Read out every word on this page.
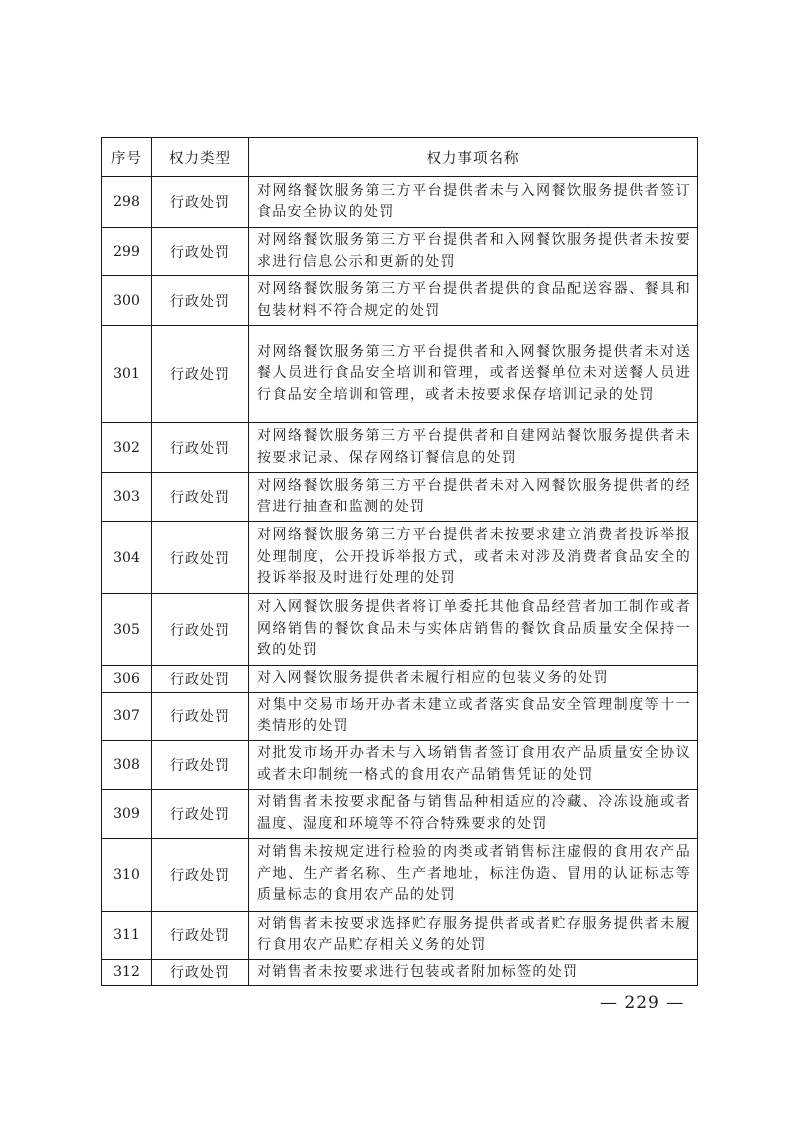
序号	权力类型	权力事项名称
298	行政处罚	对网络餐饮服务第三方平台提供者未与入网餐饮服务提供者签订食品安全协议的处罚
299	行政处罚	对网络餐饮服务第三方平台提供者和入网餐饮服务提供者未按要求进行信息公示和更新的处罚
300	行政处罚	对网络餐饮服务第三方平台提供者提供的食品配送容器、餐具和包装材料不符合规定的处罚
301	行政处罚	对网络餐饮服务第三方平台提供者和入网餐饮服务提供者未对送餐人员进行食品安全培训和管理，或者送餐单位未对送餐人员进行食品安全培训和管理，或者未按要求保存培训记录的处罚
302	行政处罚	对网络餐饮服务第三方平台提供者和自建网站餐饮服务提供者未按要求记录、保存网络订餐信息的处罚
303	行政处罚	对网络餐饮服务第三方平台提供者未对入网餐饮服务提供者的经营进行抽查和监测的处罚
304	行政处罚	对网络餐饮服务第三方平台提供者未按要求建立消费者投诉举报处理制度，公开投诉举报方式，或者未对涉及消费者食品安全的投诉举报及时进行处理的处罚
305	行政处罚	对入网餐饮服务提供者将订单委托其他食品经营者加工制作或者网络销售的餐饮食品未与实体店销售的餐饮食品质量安全保持一致的处罚
306	行政处罚	对入网餐饮服务提供者未履行相应的包装义务的处罚
307	行政处罚	对集中交易市场开办者未建立或者落实食品安全管理制度等十一类情形的处罚
308	行政处罚	对批发市场开办者未与入场销售者签订食用农产品质量安全协议或者未印制统一格式的食用农产品销售凭证的处罚
309	行政处罚	对销售者未按要求配备与销售品种相适应的冷藏、冷冻设施或者温度、湿度和环境等不符合特殊要求的处罚
310	行政处罚	对销售未按规定进行检验的肉类或者销售标注虚假的食用农产品产地、生产者名称、生产者地址，标注伪造、冒用的认证标志等质量标志的食用农产品的处罚
311	行政处罚	对销售者未按要求选择贮存服务提供者或者贮存服务提供者未履行食用农产品贮存相关义务的处罚
312	行政处罚	对销售者未按要求进行包装或者附加标签的处罚
— 229 —
